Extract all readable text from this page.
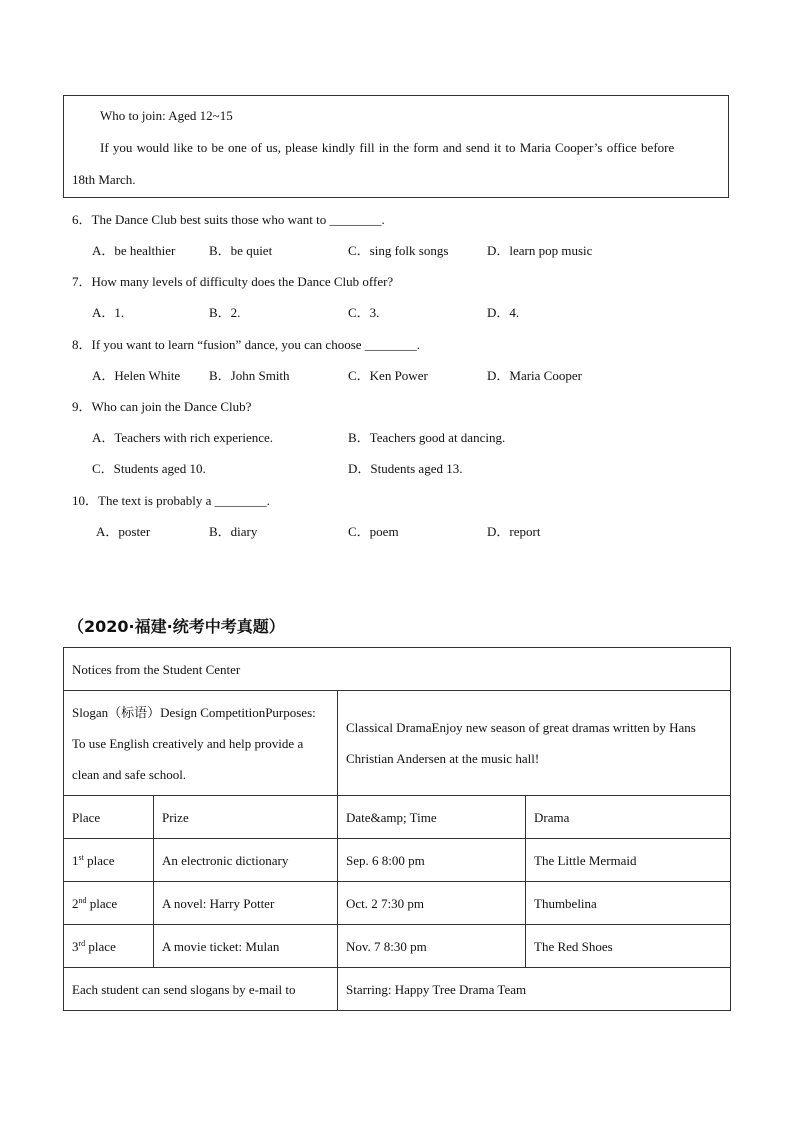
Who to join: Aged 12~15
If you would like to be one of us, please kindly fill in the form and send it to Maria Cooper’s office before
18th March.
6．The Dance Club best suits those who want to ________.
A．be healthier	B．be quiet	C．sing folk songs	D．learn pop music
7．How many levels of difficulty does the Dance Club offer?
A．1.	B．2.	C．3.	D．4.
8．If you want to learn “fusion” dance, you can choose ________.
A．Helen White B．John Smith	C．Ken Power	D．Maria Cooper
9．Who can join the Dance Club?
A．Teachers with rich experience.	B．Teachers good at dancing.
C．Students aged 10.	D．Students aged 13.
10．The text is probably a ________.
A．poster	B．diary	C．poem	D．report
（2020·福建·统考中考真题）
Notices from the Student Center			
Slogan（标语）Design CompetitionPurposes: To use English creatively and help provide a clean and safe school.		Classical DramaEnjoy new season of great dramas written by Hans Christian Andersen at the music hall!	
Place	Prize	Date&amp; Time	Drama
1st place	An electronic dictionary	Sep. 6 8:00 pm	The Little Mermaid
2nd place	A novel: Harry Potter	Oct. 2 7:30 pm	Thumbelina
3rd place	A movie ticket: Mulan	Nov. 7 8:30 pm	The Red Shoes
Each student can send slogans by e-mail to		Starring: Happy Tree Drama Team	
